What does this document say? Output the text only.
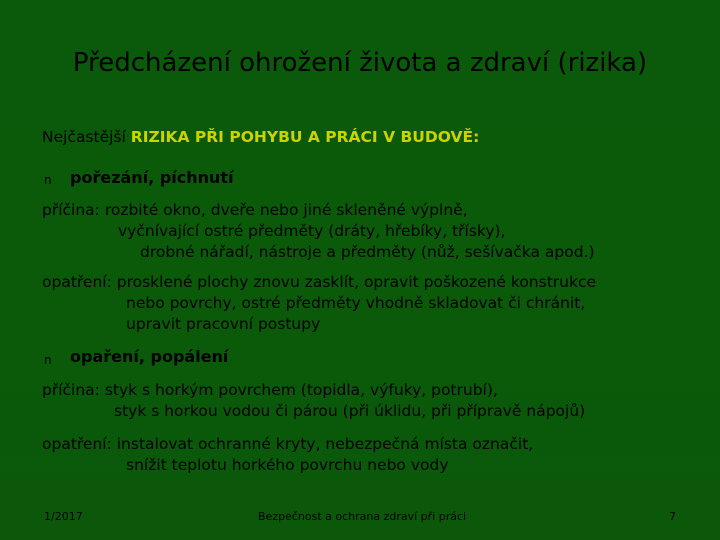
Předcházení ohrožení života a zdraví (rizika)
Nejčastější RIZIKA PŘI POHYBU A PRÁCI V BUDOVĚ:
n pořezání, píchnutí
příčina: rozbité okno, dveře nebo jiné skleněné výplně,
vyčnívající ostré předměty (dráty, hřebíky, třísky),
drobné nářadí, nástroje a předměty (nůž, sešívačka apod.)
opatření: prosklené plochy znovu zasklít, opravit poškozené konstrukce
nebo povrchy, ostré předměty vhodně skladovat či chránit,
upravit pracovní postupy
n opaření, popálení
příčina: styk s horkým povrchem (topidla, výfuky, potrubí),
styk s horkou vodou či párou (při úklidu, při přípravě nápojů)
opatření: instalovat ochranné kryty, nebezpečná místa označit,
snížit teplotu horkého povrchu nebo vody
1/2017	Bezpečnost a ochrana zdraví při práci	7
